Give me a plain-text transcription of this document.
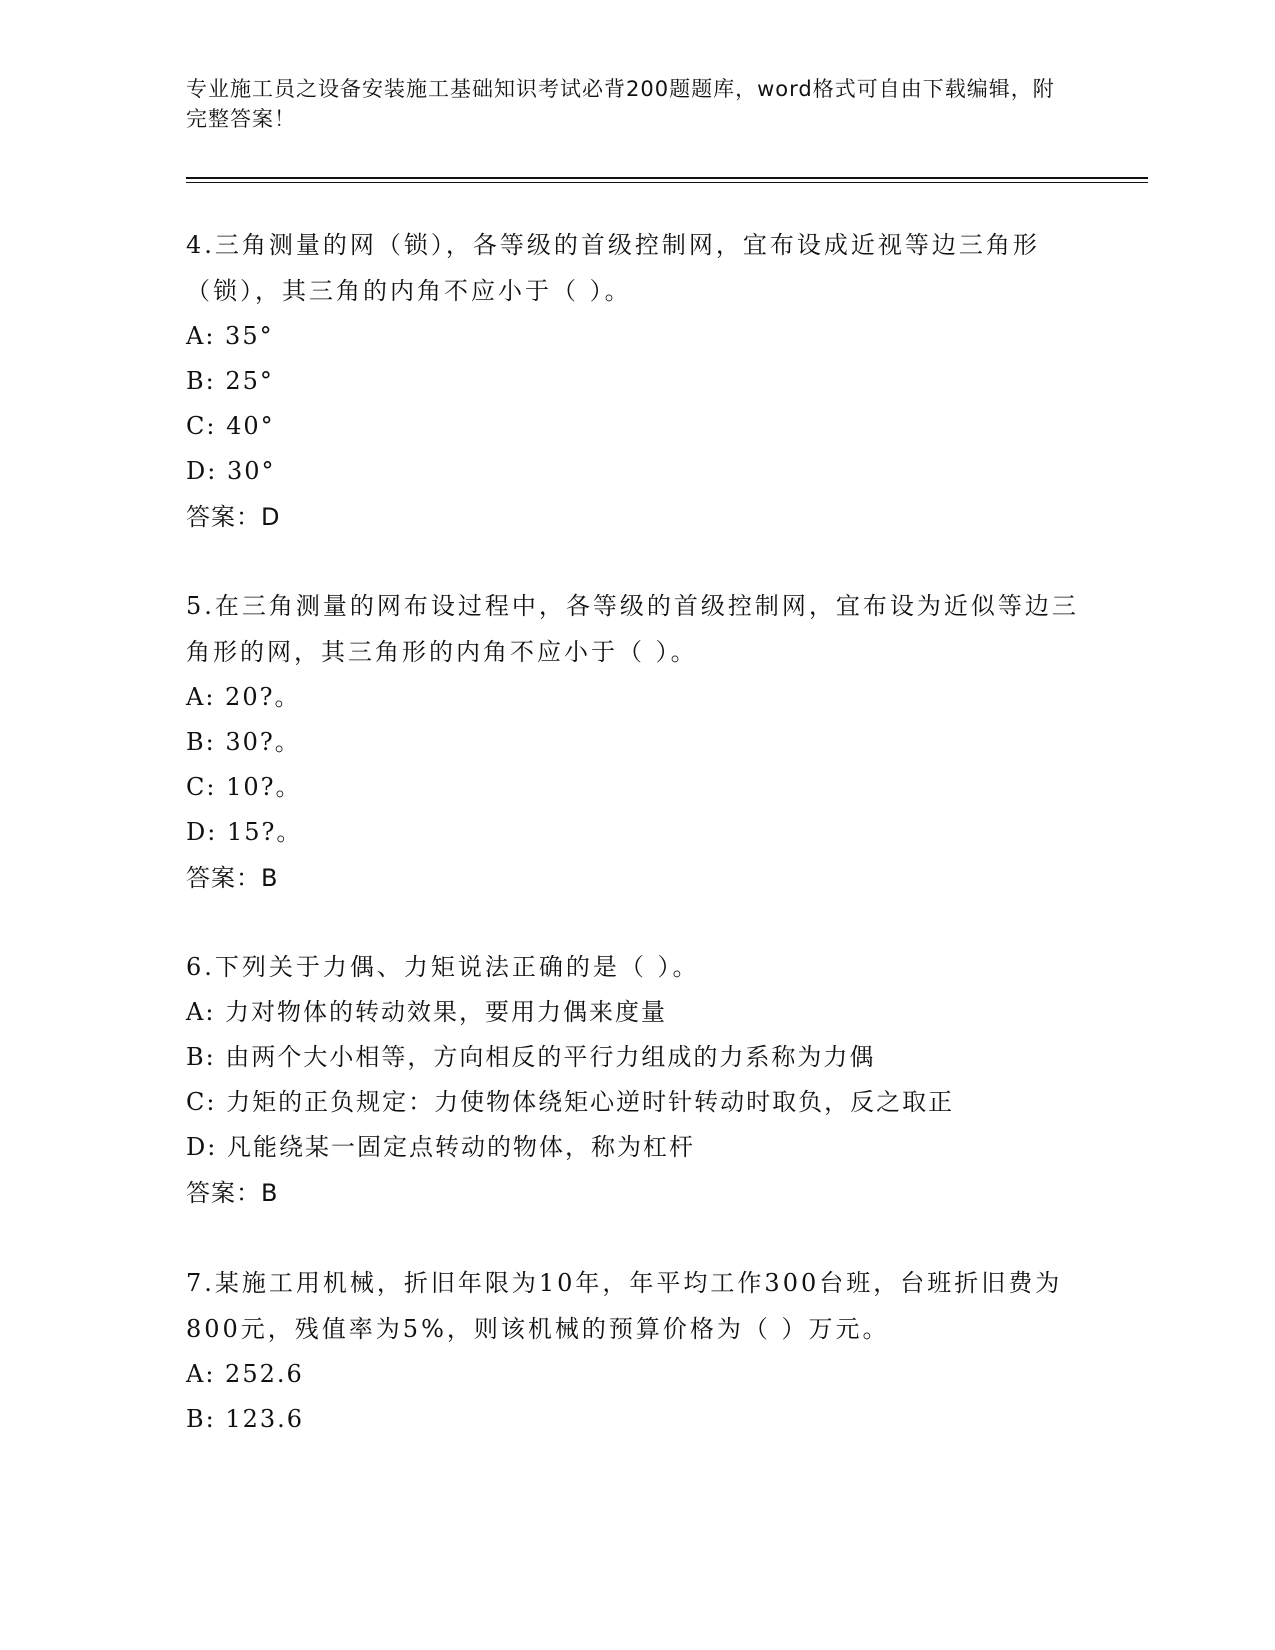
专业施工员之设备安装施工基础知识考试必背200题题库，word格式可自由下载编辑，附完整答案！

4.三角测量的网（锁），各等级的首级控制网，宜布设成近视等边三角形（锁），其三角的内角不应小于（ ）。

A: 35°

B: 25°

C: 40°

D: 30°

答案：D

5.在三角测量的网布设过程中，各等级的首级控制网，宜布设为近似等边三角形的网，其三角形的内角不应小于（ ）。

A: 20?。

B: 30?。

C: 10?。

D: 15?。

答案：B

6.下列关于力偶、力矩说法正确的是（ ）。

A: 力对物体的转动效果，要用力偶来度量

B: 由两个大小相等，方向相反的平行力组成的力系称为力偶

C: 力矩的正负规定：力使物体绕矩心逆时针转动时取负，反之取正

D: 凡能绕某一固定点转动的物体，称为杠杆

答案：B

7.某施工用机械，折旧年限为10年，年平均工作300台班，台班折旧费为800元，残值率为5%，则该机械的预算价格为（ ）万元。

A: 252.6

B: 123.6
